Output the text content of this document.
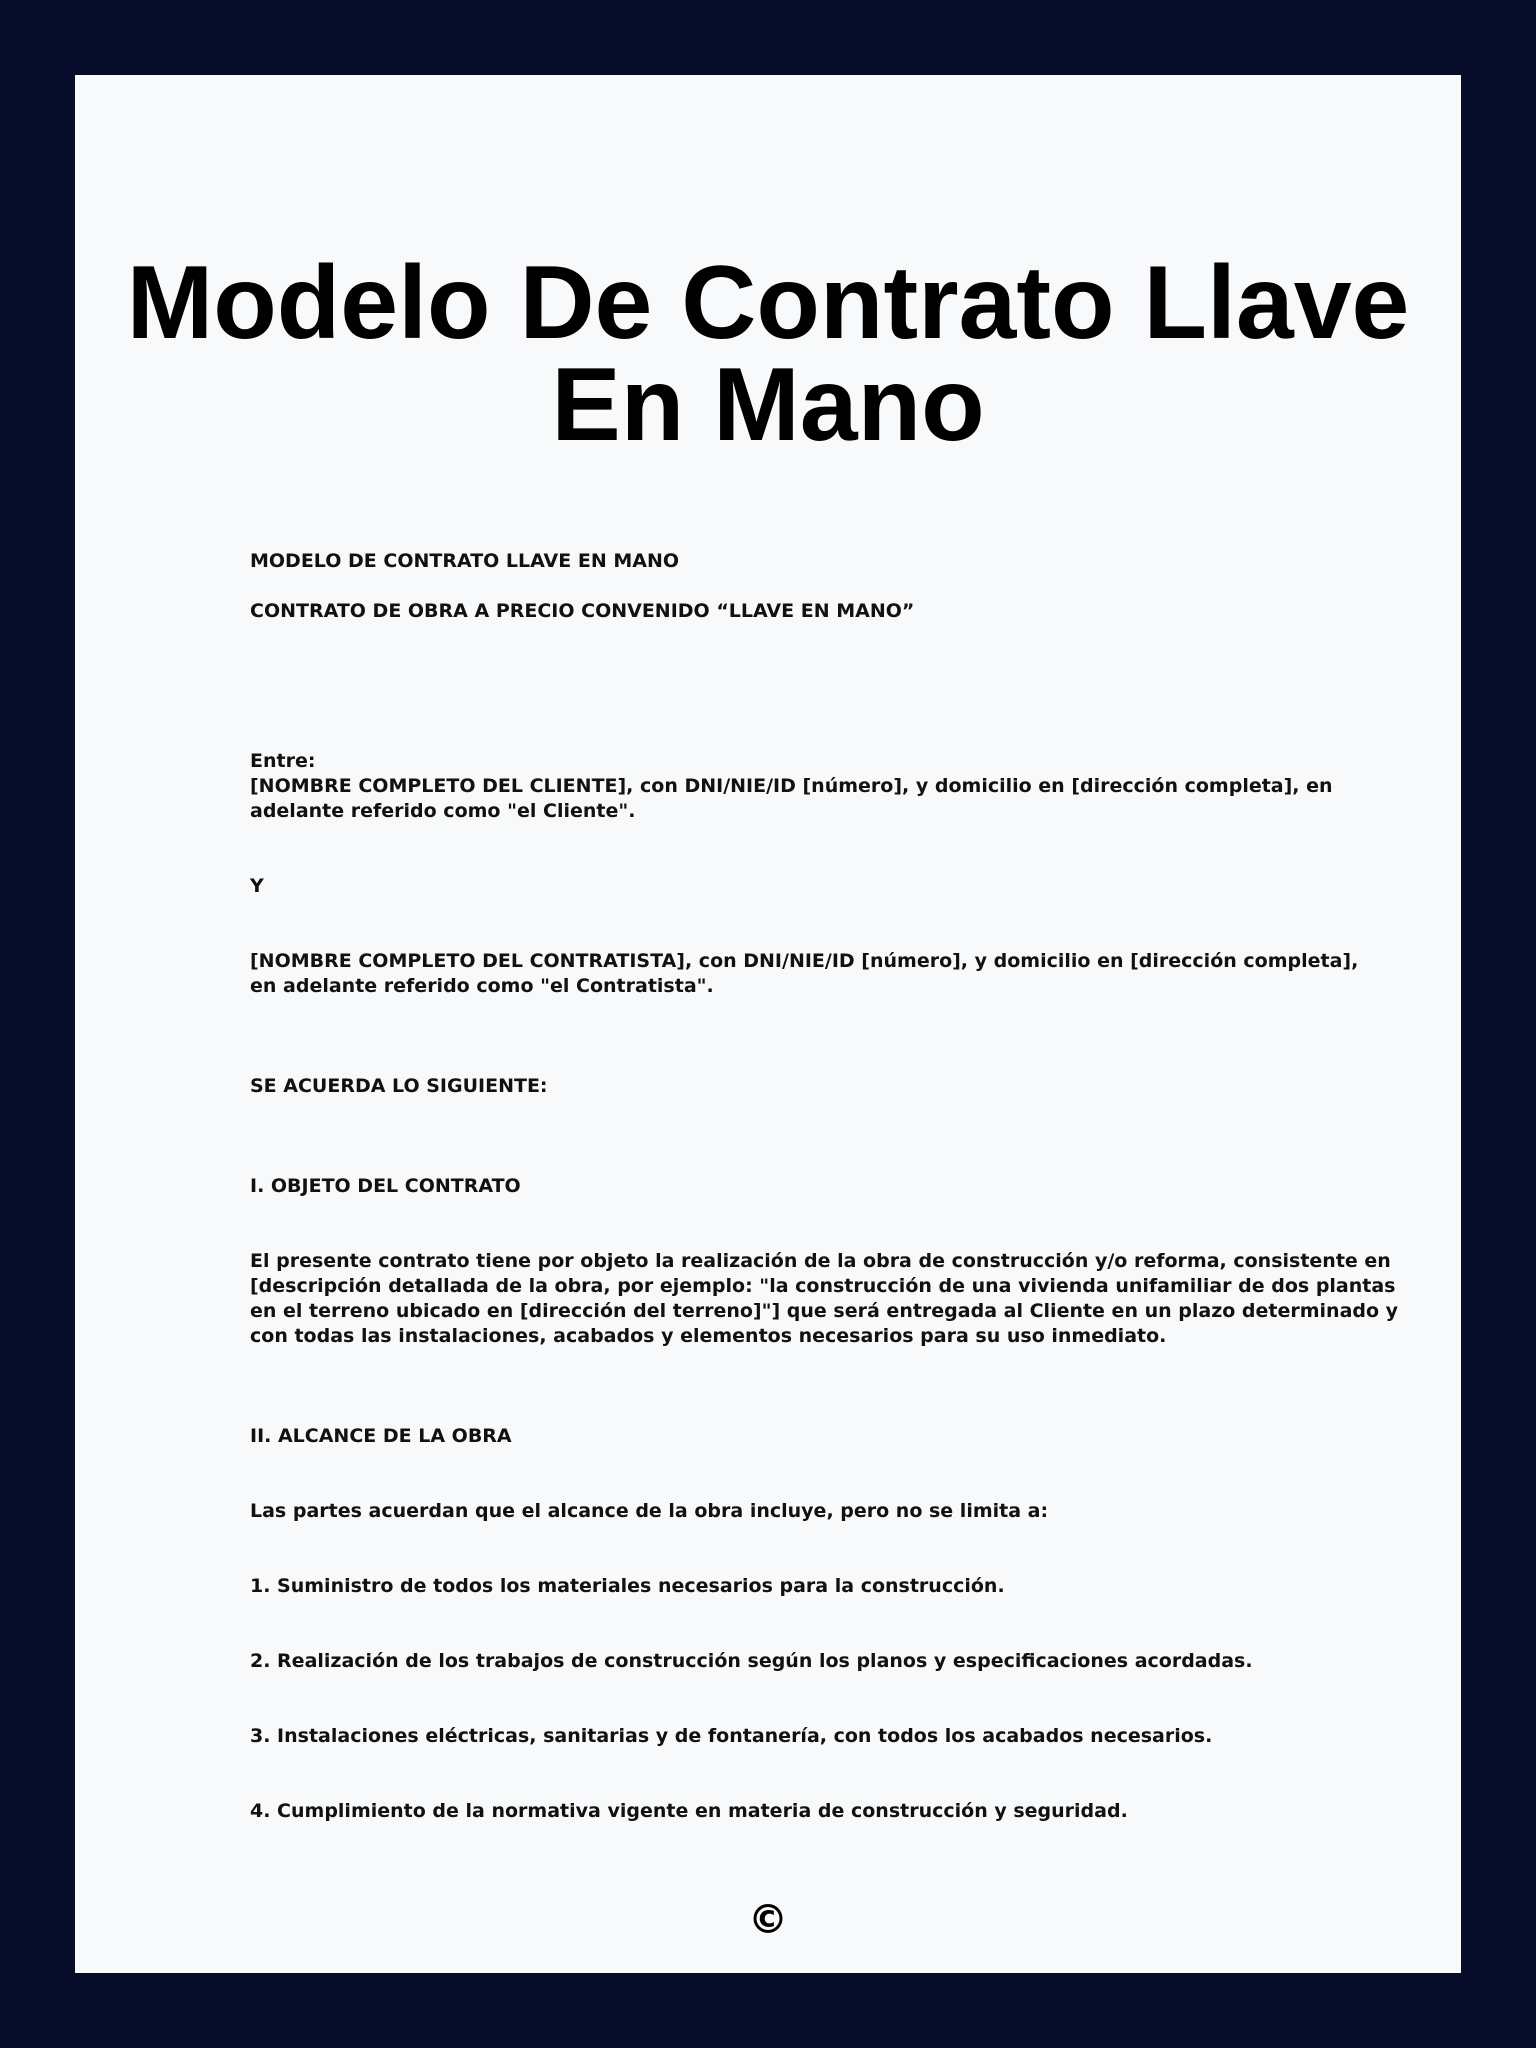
Modelo De Contrato Llave En Mano

MODELO DE CONTRATO LLAVE EN MANO

CONTRATO DE OBRA A PRECIO CONVENIDO “LLAVE EN MANO”

Entre:

[NOMBRE COMPLETO DEL CLIENTE], con DNI/NIE/ID [número], y domicilio en [dirección completa], en

adelante referido como "el Cliente".

Y

[NOMBRE COMPLETO DEL CONTRATISTA], con DNI/NIE/ID [número], y domicilio en [dirección completa],

en adelante referido como "el Contratista".

SE ACUERDA LO SIGUIENTE:

I. OBJETO DEL CONTRATO

El presente contrato tiene por objeto la realización de la obra de construcción y/o reforma, consistente en

[descripción detallada de la obra, por ejemplo: "la construcción de una vivienda unifamiliar de dos plantas

en el terreno ubicado en [dirección del terreno]"] que será entregada al Cliente en un plazo determinado y

con todas las instalaciones, acabados y elementos necesarios para su uso inmediato.

II. ALCANCE DE LA OBRA

Las partes acuerdan que el alcance de la obra incluye, pero no se limita a:

1. Suministro de todos los materiales necesarios para la construcción.

2. Realización de los trabajos de construcción según los planos y especificaciones acordadas.

3. Instalaciones eléctricas, sanitarias y de fontanería, con todos los acabados necesarios.

4. Cumplimiento de la normativa vigente en materia de construcción y seguridad.

©
